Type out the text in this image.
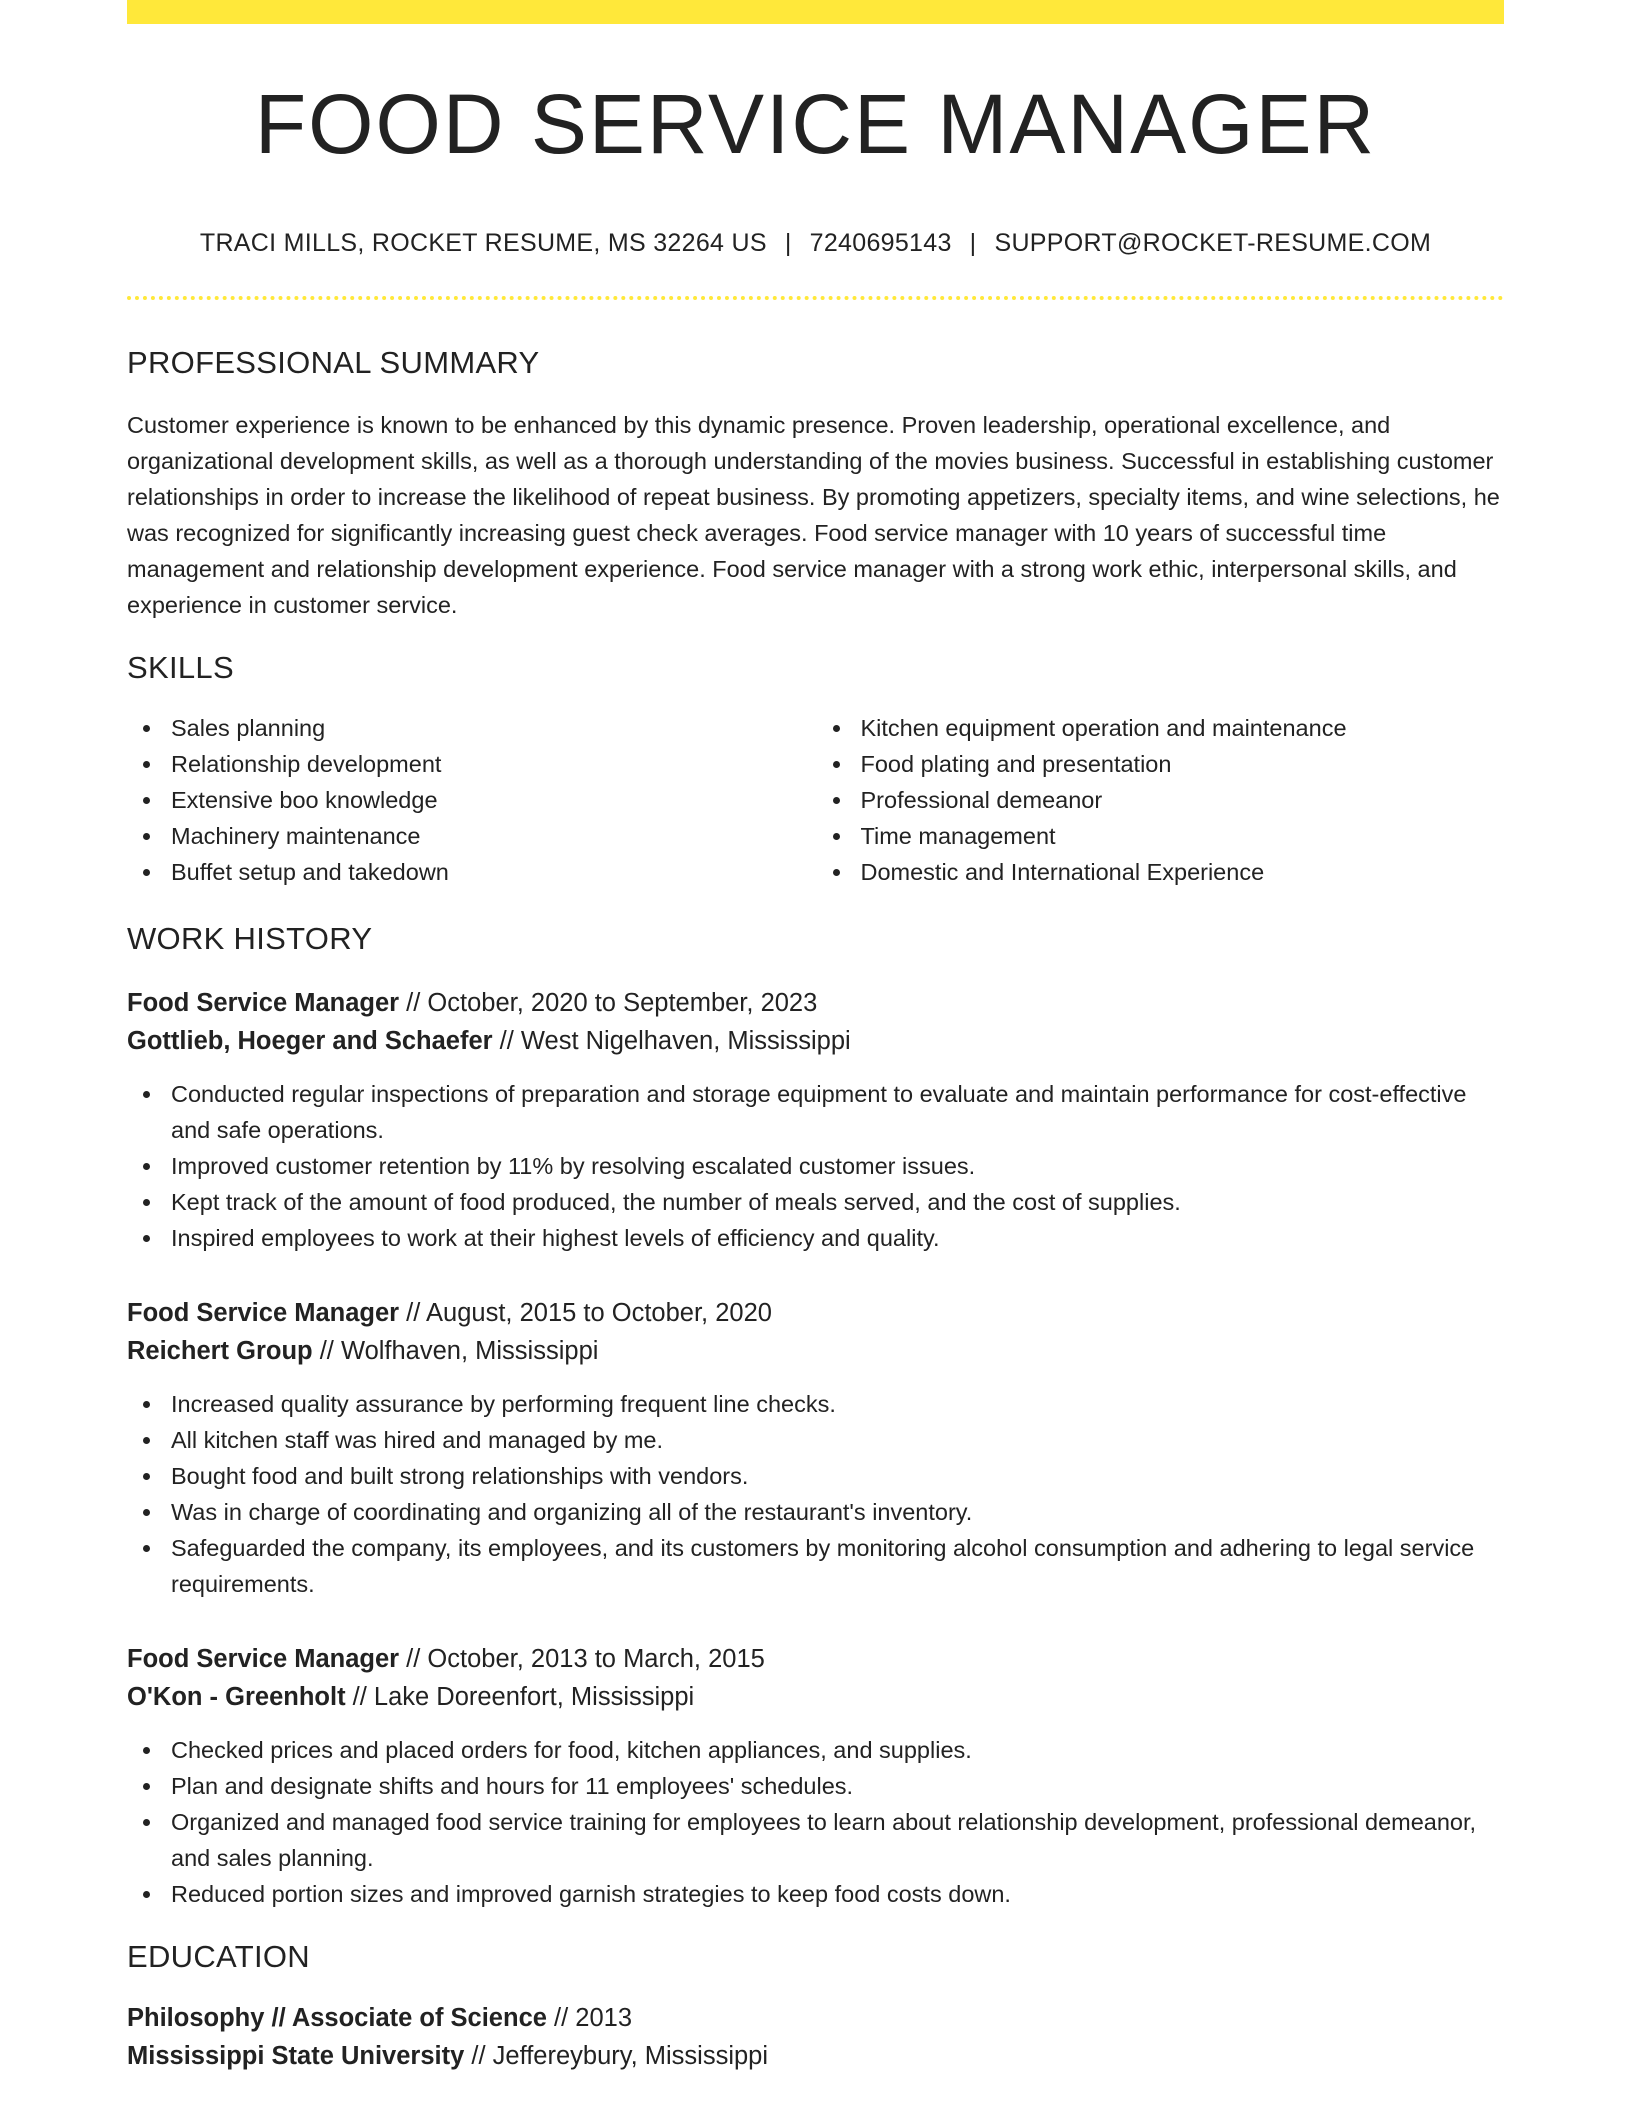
FOOD SERVICE MANAGER
TRACI MILLS, ROCKET RESUME, MS 32264 US | 7240695143 | SUPPORT@ROCKET-RESUME.COM
PROFESSIONAL SUMMARY

Customer experience is known to be enhanced by this dynamic presence. Proven leadership, operational excellence, and organizational development skills, as well as a thorough understanding of the movies business. Successful in establishing customer relationships in order to increase the likelihood of repeat business. By promoting appetizers, specialty items, and wine selections, he was recognized for significantly increasing guest check averages. Food service manager with 10 years of successful time management and relationship development experience. Food service manager with a strong work ethic, interpersonal skills, and experience in customer service.

SKILLS
Sales planning
Relationship development
Extensive boo knowledge
Machinery maintenance
Buffet setup and takedown
Kitchen equipment operation and maintenance
Food plating and presentation
Professional demeanor
Time management
Domestic and International Experience
WORK HISTORY
Food Service Manager // October, 2020 to September, 2023
Gottlieb, Hoeger and Schaefer // West Nigelhaven, Mississippi
Conducted regular inspections of preparation and storage equipment to evaluate and maintain performance for cost-effective and safe operations.
Improved customer retention by 11% by resolving escalated customer issues.
Kept track of the amount of food produced, the number of meals served, and the cost of supplies.
Inspired employees to work at their highest levels of efficiency and quality.
Food Service Manager // August, 2015 to October, 2020
Reichert Group // Wolfhaven, Mississippi
Increased quality assurance by performing frequent line checks.
All kitchen staff was hired and managed by me.
Bought food and built strong relationships with vendors.
Was in charge of coordinating and organizing all of the restaurant's inventory.
Safeguarded the company, its employees, and its customers by monitoring alcohol consumption and adhering to legal service requirements.
Food Service Manager // October, 2013 to March, 2015
O'Kon - Greenholt // Lake Doreenfort, Mississippi
Checked prices and placed orders for food, kitchen appliances, and supplies.
Plan and designate shifts and hours for 11 employees' schedules.
Organized and managed food service training for employees to learn about relationship development, professional demeanor, and sales planning.
Reduced portion sizes and improved garnish strategies to keep food costs down.
EDUCATION
Philosophy // Associate of Science // 2013
Mississippi State University // Jeffereybury, Mississippi
